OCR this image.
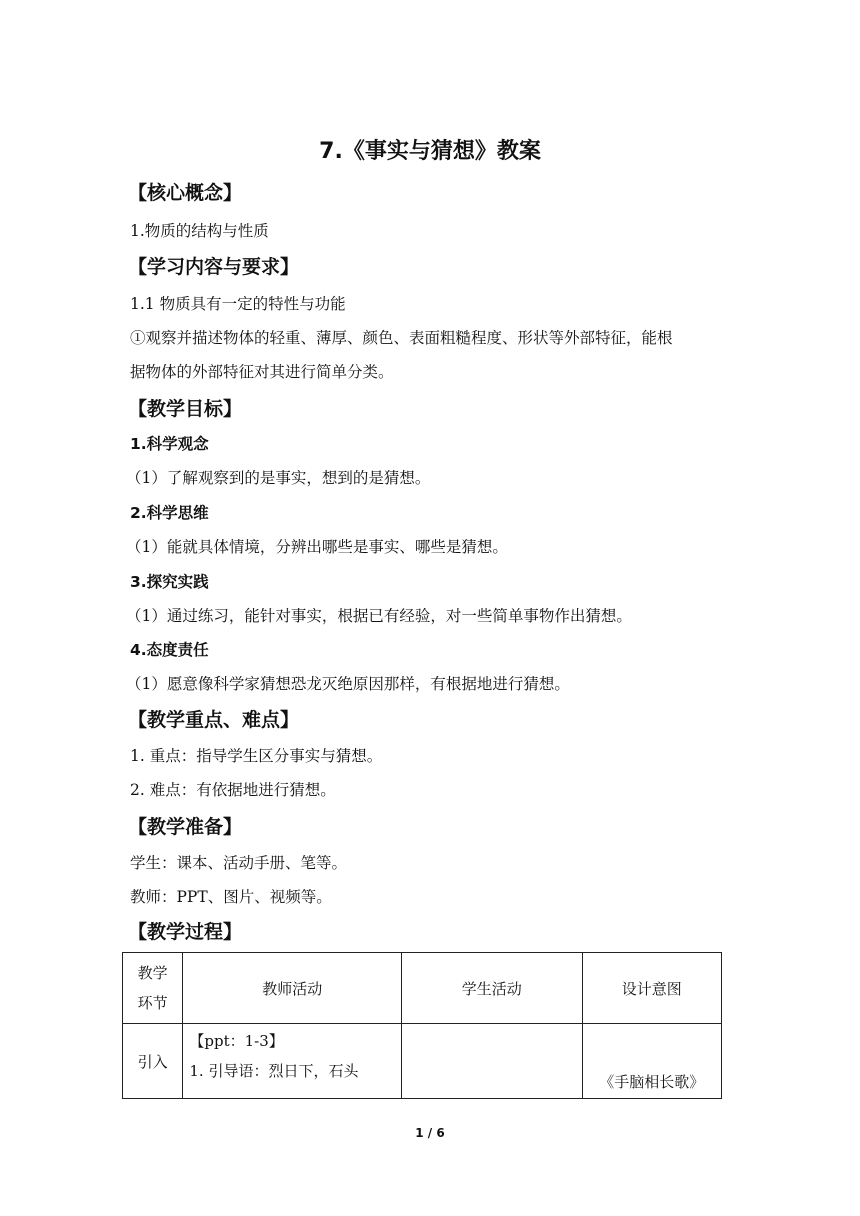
7.《事实与猜想》教案
【核心概念】
1.物质的结构与性质
【学习内容与要求】
1.1 物质具有一定的特性与功能
①观察并描述物体的轻重、薄厚、颜色、表面粗糙程度、形状等外部特征，能根
据物体的外部特征对其进行简单分类。
【教学目标】
1.科学观念
（1）了解观察到的是事实，想到的是猜想。
2.科学思维
（1）能就具体情境，分辨出哪些是事实、哪些是猜想。
3.探究实践
（1）通过练习，能针对事实，根据已有经验，对一些简单事物作出猜想。
4.态度责任
（1）愿意像科学家猜想恐龙灭绝原因那样，有根据地进行猜想。
【教学重点、难点】
1. 重点：指导学生区分事实与猜想。
2. 难点：有依据地进行猜想。
【教学准备】
学生：课本、活动手册、笔等。
教师：PPT、图片、视频等。
【教学过程】
教学
环节	教师活动	学生活动	设计意图
引入	【ppt：1-3】
1. 引导语：烈日下，石头		《手脑相长歌》
1 / 6
